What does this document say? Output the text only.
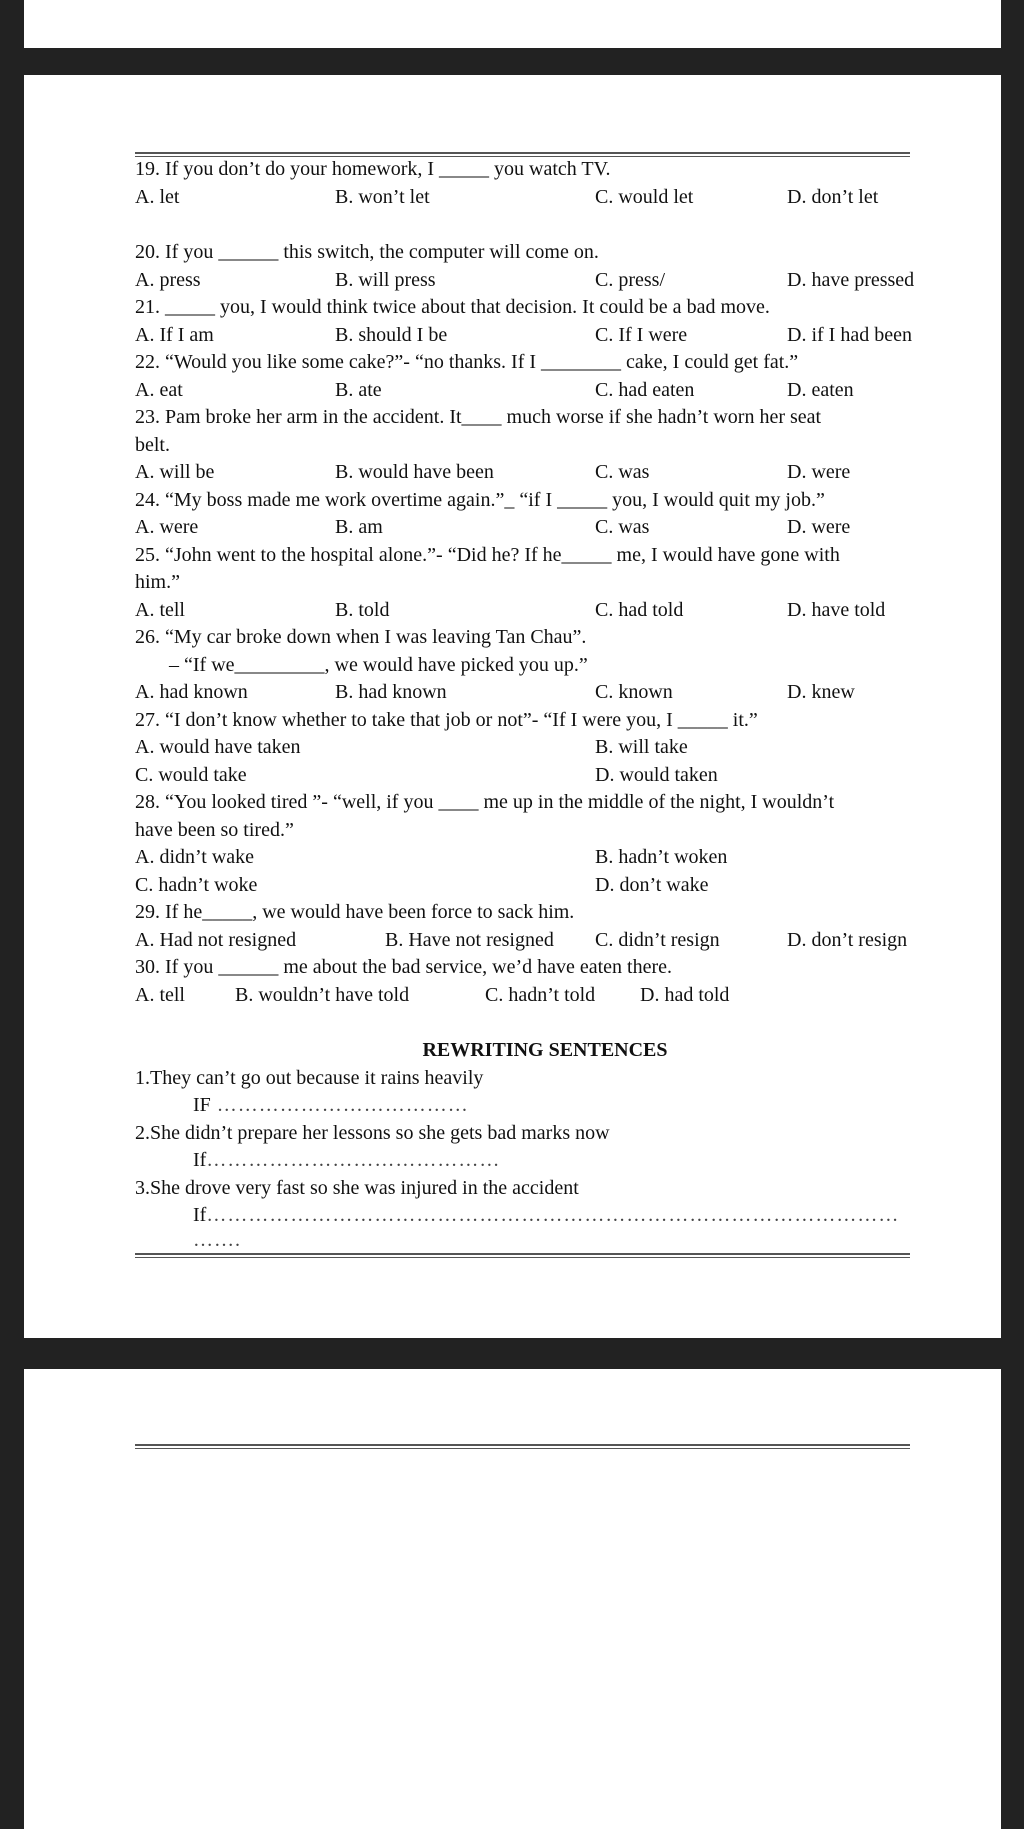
19. If you don’t do your homework, I _____ you watch TV.
A. let	B. won’t let	C. would let	D. don’t let
20. If you ______ this switch, the computer will come on.
A. press	B. will press	C. press/	D. have pressed
21. _____ you, I would think twice about that decision. It could be a bad move.
A. If I am	B. should I be	C. If I were	D. if I had been
22. “Would you like some cake?”- “no thanks. If I ________ cake, I could get fat.”
A. eat	B. ate	C. had eaten	D. eaten
23. Pam broke her arm in the accident. It____ much worse if she hadn’t worn her seat
belt.
A. will be	B. would have been	C. was	D. were
24. “My boss made me work overtime again.”_ “if I _____ you, I would quit my job.”
A. were	B. am	C. was	D. were
25. “John went to the hospital alone.”- “Did he? If he_____ me, I would have gone with
him.”
A. tell	B. told	C. had told	D. have told
26. “My car broke down when I was leaving Tan Chau”.
– “If we_________, we would have picked you up.”
A. had known	B. had known	C. known	D. knew
27. “I don’t know whether to take that job or not”- “If I were you, I _____ it.”
A. would have taken	B. will take
C. would take	D. would taken
28. “You looked tired ”- “well, if you ____ me up in the middle of the night, I wouldn’t
have been so tired.”
A. didn’t wake	B. hadn’t woken
C. hadn’t woke	D. don’t wake
29. If he_____, we would have been force to sack him.
A. Had not resigned	B. Have not resigned C. didn’t resign	D. don’t resign
30. If you ______ me about the bad service, we’d have eaten there.
A. tell	B. wouldn’t have told	C. hadn’t told D. had told
REWRITING SENTENCES
1.They can’t go out because it rains heavily
IF ………………………………
2.She didn’t prepare her lessons so she gets bad marks now
If……………………………………
3.She drove very fast so she was injured in the accident
If………………………………………………………………………………………
…….
